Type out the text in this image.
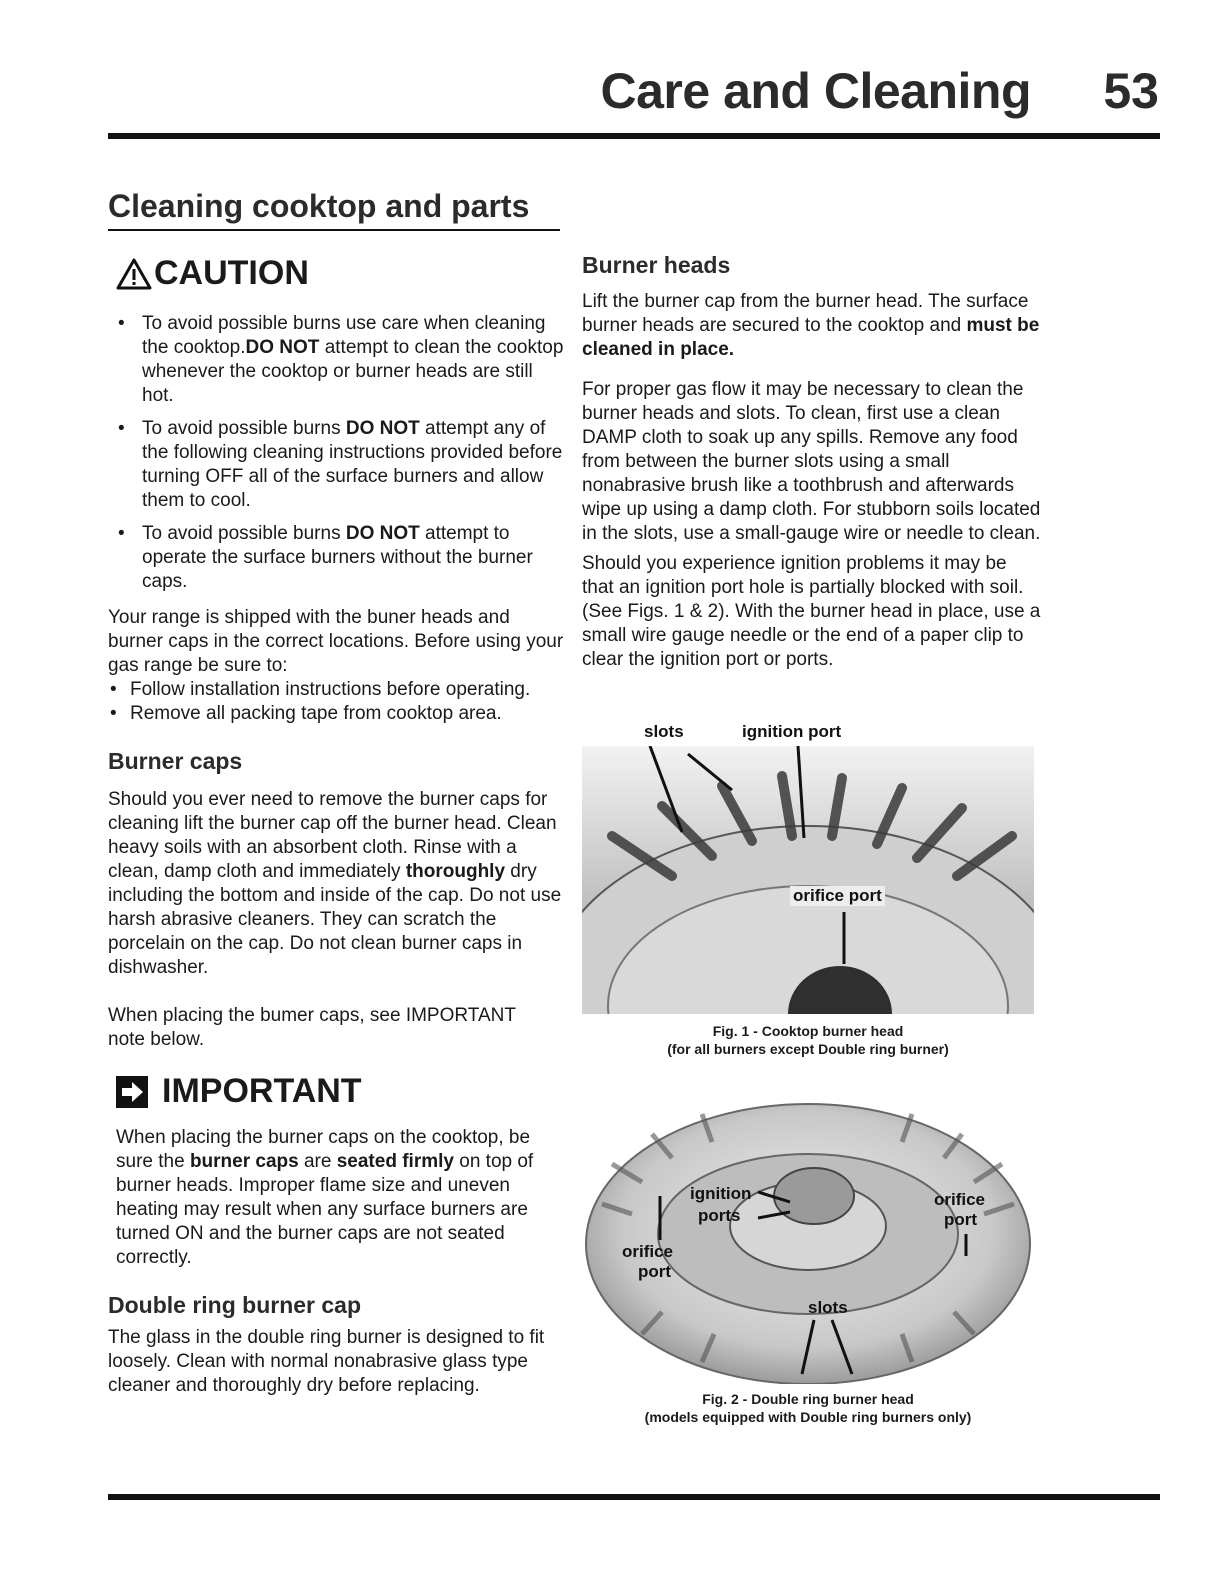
Care and Cleaning 53
Cleaning cooktop and parts
CAUTION
• To avoid possible burns use care when cleaning the cooktop.DO NOT attempt to clean the cooktop whenever the cooktop or burner heads are still hot.
• To avoid possible burns DO NOT attempt any of the following cleaning instructions provided before turning OFF all of the surface burners and allow them to cool.
• To avoid possible burns DO NOT attempt to operate the surface burners without the burner caps.

Your range is shipped with the buner heads and burner caps in the correct locations. Before using your gas range be sure to:

• Follow installation instructions before operating.
• Remove all packing tape from cooktop area.
Burner caps

Should you ever need to remove the burner caps for cleaning lift the burner cap off the burner head. Clean heavy soils with an absorbent cloth. Rinse with a clean, damp cloth and immediately thoroughly dry including the bottom and inside of the cap. Do not use harsh abrasive cleaners. They can scratch the porcelain on the cap. Do not clean burner caps in dishwasher.

When placing the bumer caps, see IMPORTANT note below.
IMPORTANT

When placing the burner caps on the cooktop, be sure the burner caps are seated firmly on top of burner heads. Improper flame size and uneven heating may result when any surface burners are turned ON and the burner caps are not seated correctly.

Double ring burner cap
The glass in the double ring burner is designed to fit loosely. Clean with normal nonabrasive glass type cleaner and thoroughly dry before replacing.
Burner heads

Lift the burner cap from the burner head. The surface burner heads are secured to the cooktop and must be cleaned in place.

For proper gas flow it may be necessary to clean the burner heads and slots. To clean, first use a clean DAMP cloth to soak up any spills. Remove any food from between the burner slots using a small nonabrasive brush like a toothbrush and afterwards wipe up using a damp cloth. For stubborn soils located in the slots, use a small-gauge wire or needle to clean.

Should you experience ignition problems it may be that an ignition port hole is partially blocked with soil. (See Figs. 1 & 2). With the burner head in place, use a small wire gauge needle or the end of a paper clip to clear the ignition port or ports.

orifice port
slots	ignition port
Fig. 1 - Cooktop burner head
(for all burners except Double ring burner)
ignition
ports
orifice
port
orifice
port
slots
Fig. 2 - Double ring burner head
(models equipped with Double ring burners only)
